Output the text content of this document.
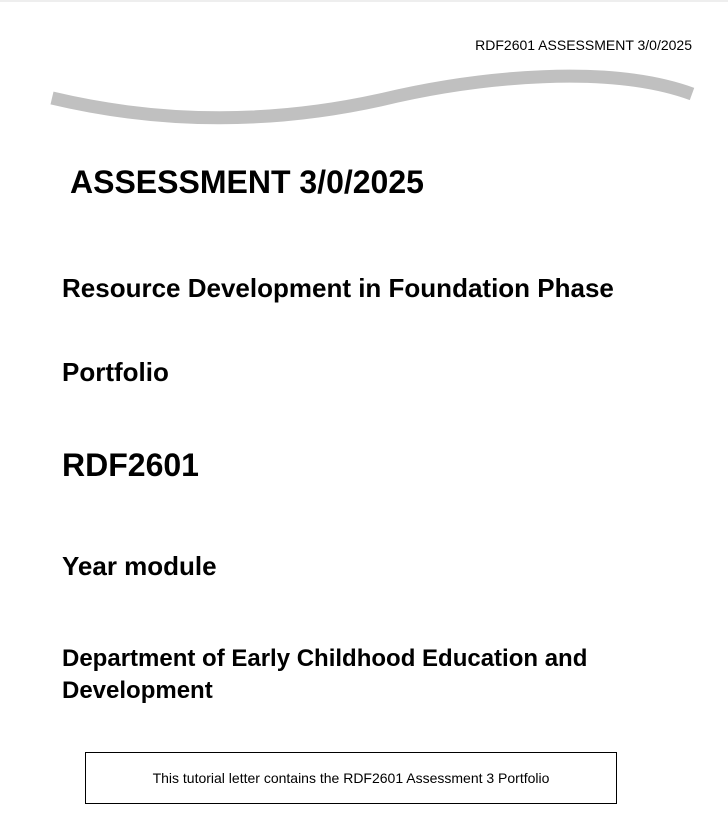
RDF2601 ASSESSMENT 3/0/2025
ASSESSMENT 3/0/2025

Resource Development in Foundation Phase

Portfolio
RDF2601
Year module

Department of Early Childhood Education and Development

This tutorial letter contains the RDF2601 Assessment 3 Portfolio
